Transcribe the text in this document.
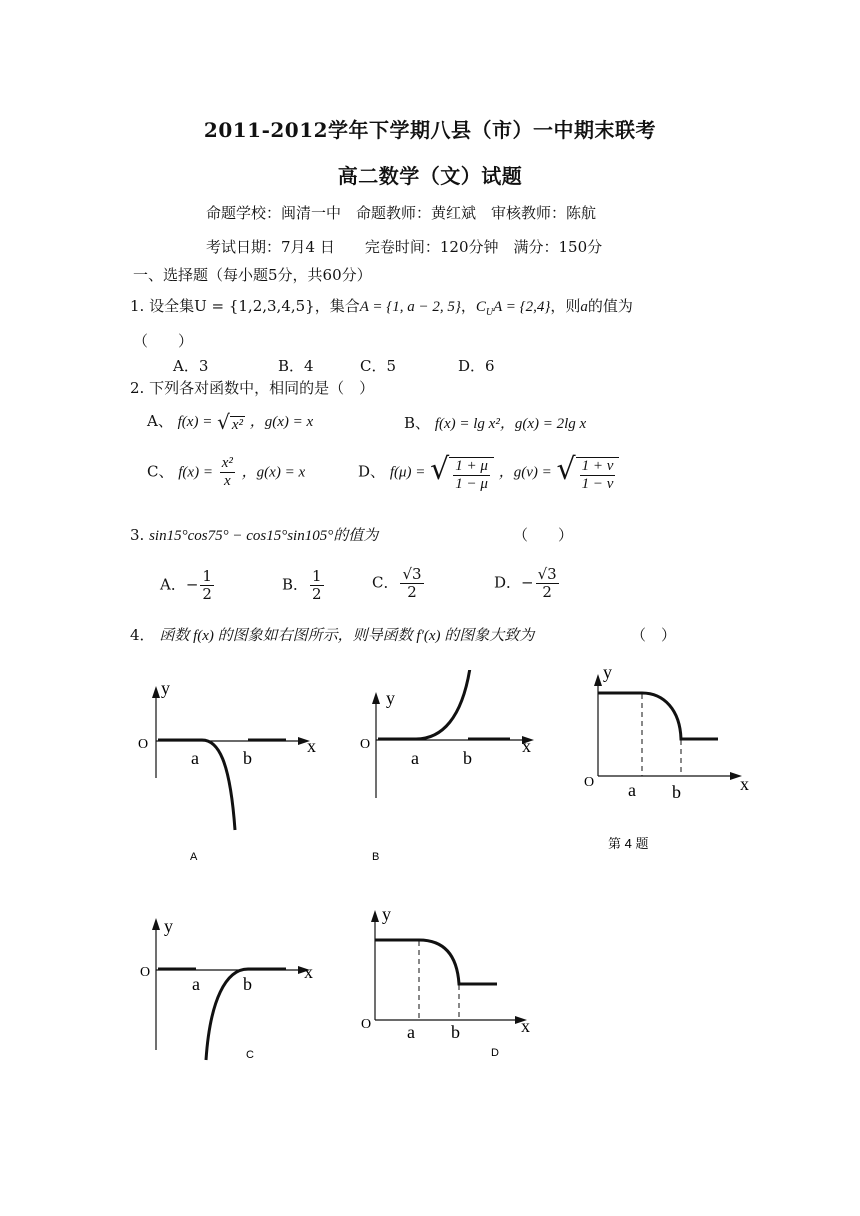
2011-2012学年下学期八县（市）一中期末联考
高二数学（文）试题
命题学校：闽清一中　命题教师：黄红斌　审核教师：陈航
考试日期：7月4 日　　完卷时间：120分钟　满分：150分
一、选择题（每小题5分，共60分）
1. 设全集U = {1,2,3,4,5}，集合A = {1, a − 2, 5}，$C_UA = \{2,4\}$，则a的值为
（　　）
A．3	B．4	C．5	D．6
2. 下列各对函数中，相同的是（　）
A、 f(x) = √ x² ，g(x) = x	B、 f(x) = lg x²，g(x) = 2lg x
C、 $f(x) = \frac{\text{x²}}{x}$ ，g(x) = x	D、 f(μ) = √ $\frac{1 + \mu}{1 - \mu}$ ，g(ν) = √ $\frac{1 + \nu}{1 - \nu}$
3. sin15°cos75° − cos15°sin105°的值为	（　　）
A．− $\frac{1}{2}$	B． $\frac{1}{2}$	C． $\frac{√3}{2}$	D．− $\frac{√3}{2}$
4． 函数 f(x) 的图象如右图所示，则导函数 f′(x) 的图象大致为	（　）
y
x
O
a b
A
y
x
O
a b
B
y
x
O a b
第 4 题
y
x
O
a b
C
y
x
O a b
D
